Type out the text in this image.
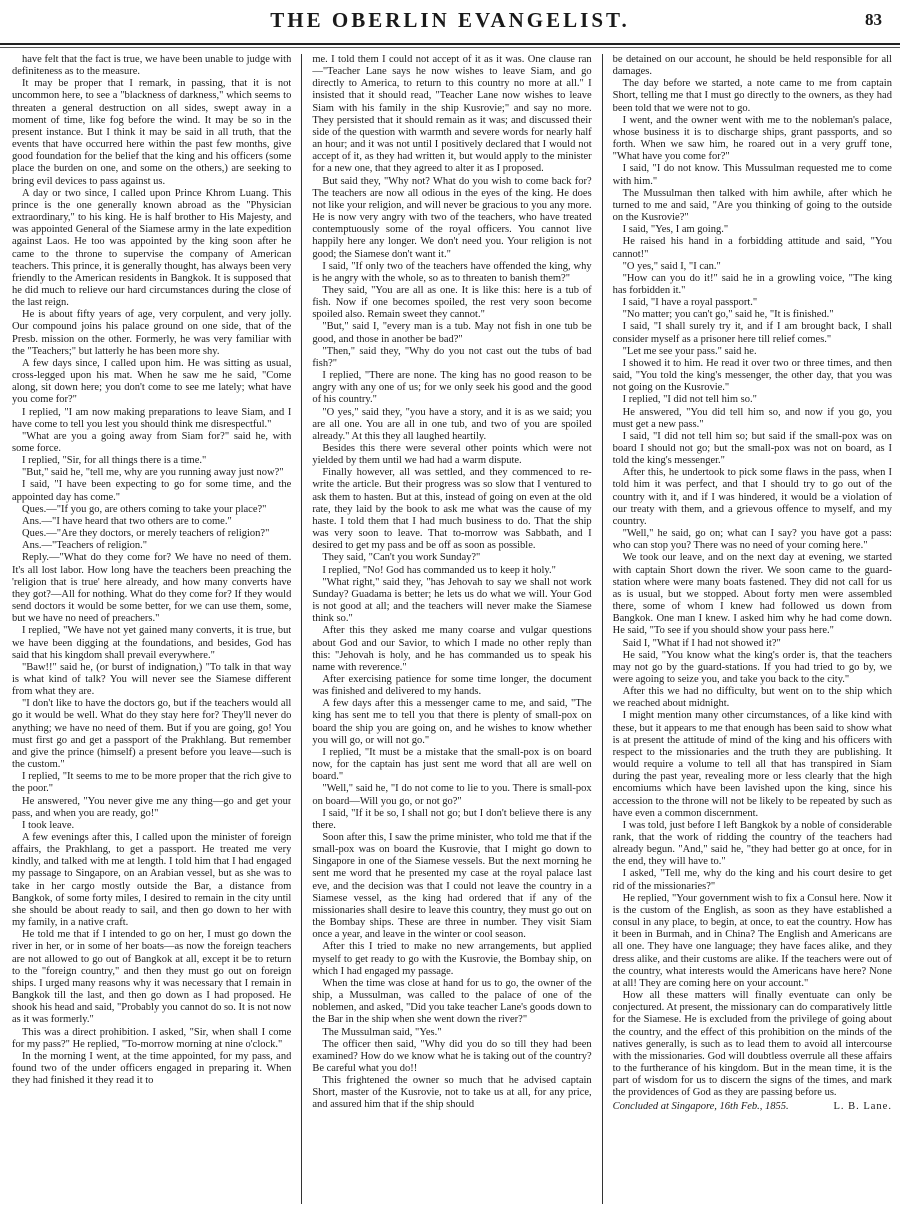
THE OBERLIN EVANGELIST.	83

have felt that the fact is true, we have been unable to judge with definiteness as to the measure.

It may be proper that I remark, in passing, that it is not uncommon here, to see a "blackness of darkness," which seems to threaten a general destruction on all sides, swept away in a moment of time, like fog before the wind. It may be so in the present instance. But I think it may be said in all truth, that the events that have occurred here within the past few months, give good foundation for the belief that the king and his officers (some place the burden on one, and some on the others,) are seeking to bring evil devices to pass against us.

A day or two since, I called upon Prince Khrom Luang. This prince is the one generally known abroad as the "Physician extraordinary," to his king. He is half brother to His Majesty, and was appointed General of the Siamese army in the late expedition against Laos. He too was appointed by the king soon after he came to the throne to supervise the company of American teachers. This prince, it is generally thought, has always been very friendly to the American residents in Bangkok. It is supposed that he did much to relieve our hard circumstances during the close of the last reign.

He is about fifty years of age, very corpulent, and very jolly. Our compound joins his palace ground on one side, that of the Presb. mission on the other. Formerly, he was very familiar with the "Teachers;" but latterly he has been more shy.

A few days since, I called upon him. He was sitting as usual, cross-legged upon his mat. When he saw me he said, "Come along, sit down here; you don't come to see me lately; what have you come for?"

I replied, "I am now making preparations to leave Siam, and I have come to tell you lest you should think me disrespectful."

"What are you a going away from Siam for?" said he, with some force.

I replied, "Sir, for all things there is a time."

"But," said he, "tell me, why are you running away just now?"

I said, "I have been expecting to go for some time, and the appointed day has come."

Ques.—"If you go, are others coming to take your place?"

Ans.—"I have heard that two others are to come."

Ques.—"Are they doctors, or merely teachers of religion?"

Ans.—"Teachers of religion."

Reply.—"What do they come for? We have no need of them. It's all lost labor. How long have the teachers been preaching the 'religion that is true' here already, and how many converts have they got?—All for nothing. What do they come for? If they would send doctors it would be some better, for we can use them, some, but we have no need of preachers."

I replied, "We have not yet gained many converts, it is true, but we have been digging at the foundations, and besides, God has said that his kingdom shall prevail everywhere."

"Baw!!" said he, (or burst of indignation,) "To talk in that way is what kind of talk? You will never see the Siamese different from what they are.

"I don't like to have the doctors go, but if the teachers would all go it would be well. What do they stay here for? They'll never do anything; we have no need of them. But if you are going, go! You must first go and get a passport of the Prakhlang. But remember and give the prince (himself) a present before you leave—such is the custom."

I replied, "It seems to me to be more proper that the rich give to the poor."

He answered, "You never give me any thing—go and get your pass, and when you are ready, go!"

I took leave.

A few evenings after this, I called upon the minister of foreign affairs, the Prakhlang, to get a passport. He treated me very kindly, and talked with me at length. I told him that I had engaged my passage to Singapore, on an Arabian vessel, but as she was to take in her cargo mostly outside the Bar, a distance from Bangkok, of some forty miles, I desired to remain in the city until she should be about ready to sail, and then go down to her with my family, in a native craft.

He told me that if I intended to go on her, I must go down the river in her, or in some of her boats—as now the foreign teachers are not allowed to go out of Bangkok at all, except it be to return to the "foreign country," and then they must go out on foreign ships. I urged many reasons why it was necessary that I remain in Bangkok till the last, and then go down as I had proposed. He shook his head and said, "Probably you cannot do so. It is not now as it was formerly."

This was a direct prohibition. I asked, "Sir, when shall I come for my pass?" He replied, "To-morrow morning at nine o'clock."

In the morning I went, at the time appointed, for my pass, and found two of the under officers engaged in preparing it. When they had finished it they read it to

me. I told them I could not accept of it as it was. One clause ran—"Teacher Lane says he now wishes to leave Siam, and go directly to America, to return to this country no more at all." I insisted that it should read, "Teacher Lane now wishes to leave Siam with his family in the ship Kusrovie;" and say no more. They persisted that it should remain as it was; and discussed their side of the question with warmth and severe words for nearly half an hour; and it was not until I positively declared that I would not accept of it, as they had written it, but would apply to the minister for a new one, that they agreed to alter it as I proposed.

But said they, "Why not? What do you wish to come back for? The teachers are now all odious in the eyes of the king. He does not like your religion, and will never be gracious to you any more. He is now very angry with two of the teachers, who have treated contemptuously some of the royal officers. You cannot live happily here any longer. We don't need you. Your religion is not good; the Siamese don't want it."

I said, "If only two of the teachers have offended the king, why is he angry with the whole, so as to threaten to banish them?"

They said, "You are all as one. It is like this: here is a tub of fish. Now if one becomes spoiled, the rest very soon become spoiled also. Remain sweet they cannot."

"But," said I, "every man is a tub. May not fish in one tub be good, and those in another be bad?"

"Then," said they, "Why do you not cast out the tubs of bad fish?"

I replied, "There are none. The king has no good reason to be angry with any one of us; for we only seek his good and the good of his country."

"O yes," said they, "you have a story, and it is as we said; you are all one. You are all in one tub, and two of you are spoiled already." At this they all laughed heartily.

Besides this there were several other points which were not yielded by them until we had had a warm dispute.

Finally however, all was settled, and they commenced to re-write the article. But their progress was so slow that I ventured to ask them to hasten. But at this, instead of going on even at the old rate, they laid by the book to ask me what was the cause of my haste. I told them that I had much business to do. That the ship was very soon to leave. That to-morrow was Sabbath, and I desired to get my pass and be off as soon as possible.

They said, "Can't you work Sunday?"

I replied, "No! God has commanded us to keep it holy."

"What right," said they, "has Jehovah to say we shall not work Sunday? Guadama is better; he lets us do what we will. Your God is not good at all; and the teachers will never make the Siamese think so."

After this they asked me many coarse and vulgar questions about God and our Savior, to which I made no other reply than this: "Jehovah is holy, and he has commanded us to speak his name with reverence."

After exercising patience for some time longer, the document was finished and delivered to my hands.

A few days after this a messenger came to me, and said, "The king has sent me to tell you that there is plenty of small-pox on board the ship you are going on, and he wishes to know whether you will go, or will not go."

I replied, "It must be a mistake that the small-pox is on board now, for the captain has just sent me word that all are well on board."

"Well," said he, "I do not come to lie to you. There is small-pox on board—Will you go, or not go?"

I said, "If it be so, I shall not go; but I don't believe there is any there.

Soon after this, I saw the prime minister, who told me that if the small-pox was on board the Kusrovie, that I might go down to Singapore in one of the Siamese vessels. But the next morning he sent me word that he presented my case at the royal palace last eve, and the decision was that I could not leave the country in a Siamese vessel, as the king had ordered that if any of the missionaries shall desire to leave this country, they must go out on the Bombay ships. These are three in number. They visit Siam once a year, and leave in the winter or cool season.

After this I tried to make no new arrangements, but applied myself to get ready to go with the Kusrovie, the Bombay ship, on which I had engaged my passage.

When the time was close at hand for us to go, the owner of the ship, a Mussulman, was called to the palace of one of the noblemen, and asked, "Did you take teacher Lane's goods down to the Bar in the ship when she went down the river?"

The Mussulman said, "Yes."

The officer then said, "Why did you do so till they had been examined? How do we know what he is taking out of the country? Be careful what you do!!

This frightened the owner so much that he advised captain Short, master of the Kusrovie, not to take us at all, for any price, and assured him that if the ship should

be detained on our account, he should be held responsible for all damages.

The day before we started, a note came to me from captain Short, telling me that I must go directly to the owners, as they had been told that we were not to go.

I went, and the owner went with me to the nobleman's palace, whose business it is to discharge ships, grant passports, and so forth. When we saw him, he roared out in a very gruff tone, "What have you come for?"

I said, "I do not know. This Mussulman requested me to come with him."

The Mussulman then talked with him awhile, after which he turned to me and said, "Are you thinking of going to the outside on the Kusrovie?"

I said, "Yes, I am going."

He raised his hand in a forbidding attitude and said, "You cannot!"

"O yes," said I, "I can."

"How can you do it!" said he in a growling voice, "The king has forbidden it."

I said, "I have a royal passport."

"No matter; you can't go," said he, "It is finished."

I said, "I shall surely try it, and if I am brought back, I shall consider myself as a prisoner here till relief comes."

"Let me see your pass." said he.

I showed it to him. He read it over two or three times, and then said, "You told the king's messenger, the other day, that you was not going on the Kusrovie."

I replied, "I did not tell him so."

He answered, "You did tell him so, and now if you go, you must get a new pass."

I said, "I did not tell him so; but said if the small-pox was on board I should not go; but the small-pox was not on board, as I told the king's messenger."

After this, he undertook to pick some flaws in the pass, when I told him it was perfect, and that I should try to go out of the country with it, and if I was hindered, it would be a violation of our treaty with them, and a grievous offence to myself, and my country.

"Well," he said, go on; what can I say? you have got a pass: who can stop you? There was no need of your coming here."

We took our leave, and on the next day at evening, we started with captain Short down the river. We soon came to the guard-station where were many boats fastened. They did not call for us as is usual, but we stopped. About forty men were assembled there, some of whom I knew had followed us down from Bangkok. One man I knew. I asked him why he had come down. He said, "To see if you should show your pass here."

Said I, "What if I had not showed it?"

He said, "You know what the king's order is, that the teachers may not go by the guard-stations. If you had tried to go by, we were agoing to seize you, and take you back to the city."

After this we had no difficulty, but went on to the ship which we reached about midnight.

I might mention many other circumstances, of a like kind with these, but it appears to me that enough has been said to show what is at present the attitude of mind of the king and his officers with respect to the missionaries and the truth they are publishing. It would require a volume to tell all that has transpired in Siam during the past year, revealing more or less clearly that the high encomiums which have been lavished upon the king, since his accession to the throne will not be likely to be repeated by such as have even a common discernment.

I was told, just before I left Bangkok by a noble of considerable rank, that the work of ridding the country of the teachers had already begun. "And," said he, "they had better go at once, for in the end, they will have to."

I asked, "Tell me, why do the king and his court desire to get rid of the missionaries?"

He replied, "Your government wish to fix a Consul here. Now it is the custom of the English, as soon as they have established a consul in any place, to begin, at once, to eat the country. How has it been in Burmah, and in China? The English and Americans are all one. They have one language; they have faces alike, and they dress alike, and their customs are alike. If the teachers were out of the country, what interests would the Americans have here? None at all! They are coming here on your account."

How all these matters will finally eventuate can only be conjectured. At present, the missionary can do comparatively little for the Siamese. He is excluded from the privilege of going about the country, and the effect of this prohibition on the minds of the natives generally, is such as to lead them to avoid all intercourse with the missionaries. God will doubtless overrule all these affairs to the furtherance of his kingdom. But in the mean time, it is the part of wisdom for us to discern the signs of the times, and mark the providences of God as they are passing before us.

Concluded at Singapore, 16th Feb., 1855.	L. B. Lane.
